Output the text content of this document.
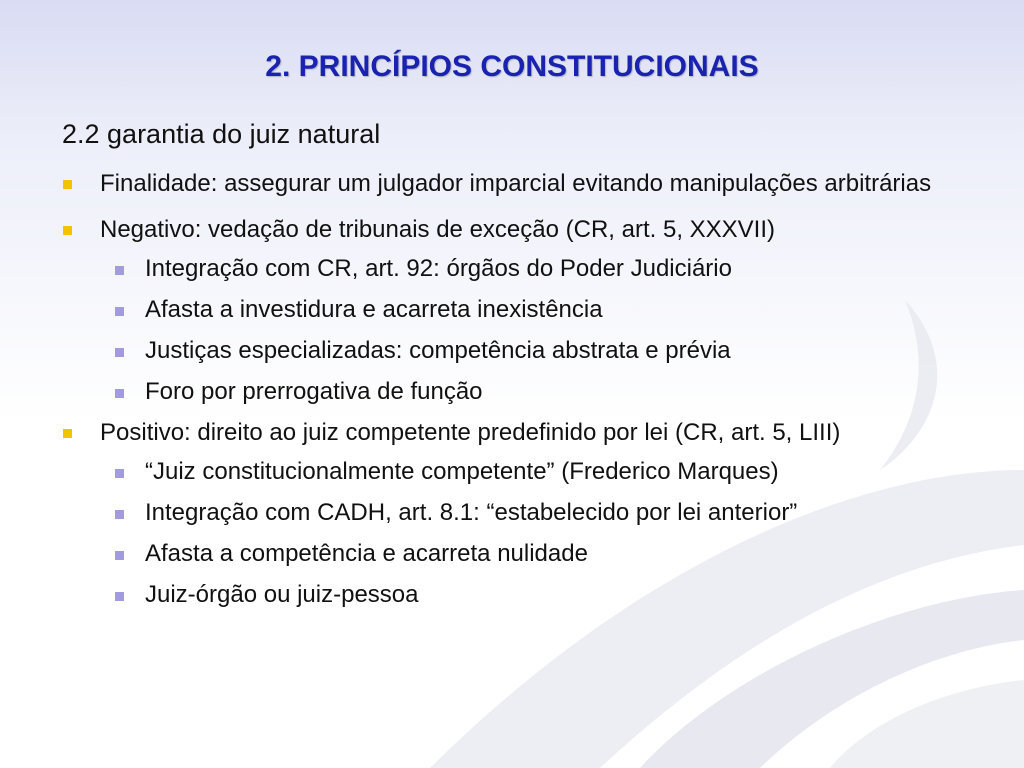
2. PRINCÍPIOS CONSTITUCIONAIS
2.2 garantia do juiz natural
Finalidade: assegurar um julgador imparcial evitando manipulações arbitrárias
Negativo: vedação de tribunais de exceção (CR, art. 5, XXXVII)
Integração com CR, art. 92: órgãos do Poder Judiciário
Afasta a investidura e acarreta inexistência
Justiças especializadas: competência abstrata e prévia
Foro por prerrogativa de função
Positivo: direito ao juiz competente predefinido por lei (CR, art. 5, LIII)
“Juiz constitucionalmente competente” (Frederico Marques)
Integração com CADH, art. 8.1: “estabelecido por lei anterior”
Afasta a competência e acarreta nulidade
Juiz-órgão ou juiz-pessoa
